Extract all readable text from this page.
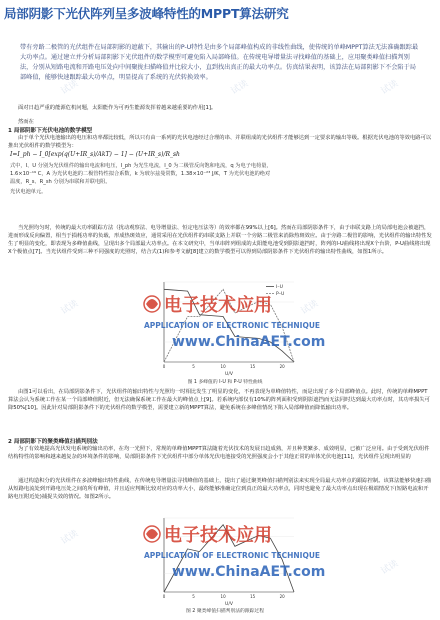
试读	试读	试读
试读	试读
试读
试读
局部阴影下光伏阵列呈多波峰特性的MPPT算法研究
带有旁路二极管的光伏组件在局部阴影的遮蔽下，其输出的P-U特性是由多个局部峰值构成的非线性曲线，使传统的单峰MPPT算法无法准确跟踪最大功率点。通过建立并分析局部阴影下光伏组件的数学模型可避免陷入局部峰值。在传统电导增量法寻找峰值的基础上，应用聚类峰值扫描判别法，分别从短路电流和开路电压处向中间聚拢扫描峰值并比较大小，直到找出真正的最大功率点。仿真结果表明，该算法在局部阴影下不会陷于局部峰值，能够快速跟踪最大功率点，明显提高了系统的光伏转换效率。
面对日趋严重的能源危机问题，太阳能作为可再生能源发挥着越来越重要的作用[1]。
然而在
1 局部阴影下光伏电池的数学模型
由于单个光伏电池输出的电压和功率都比较低，所以只有由一系列的光伏电池经过合理的串、并联组成的光伏组件才能够达到一定要求的输出等级。根据光伏电池的等效电路可以推出光伏组件的数学模型为：
I=I_ph − I_0[exp(q(U+IR_s)/AkT) − 1] − (U+IR_s)/R_sh
式中，I、U 分别为光伏组件的输出电流和电压，I_ph 为光生电流，I_0 为二极管反向饱和电流，q 为电子电荷量，1.6×10⁻¹⁹ C，A 为光伏电池的二极管特性拟合系数，k 为玻尔兹曼常数，1.38×10⁻²³ J/K，T 为光伏电池的绝对温度，R_s、R_sh 分别为串联和并联电阻。
光伏电池单元。
当光照均匀时，传统的最大功率跟踪方法（扰动观察法、电导增量法、恒定电压法等）的效率都在99%以上[6]。然而在局部阴影条件下，由于串联支路上的局部电池会被遮挡，进而形成反向偏置，相当于损耗功率的负载，形成热斑效应，通常采用在光伏组件的串联支路上并联一个旁路二极管来消除热斑效应。由于旁路二极管的影响，光伏组件的输出特性发生了明显的变化，即表现为多峰值曲线，呈现出多个局部最大功率点。在本文研究中，当单串阵列组成的太阳能电池受到阴影遮挡时，阵列的I-U曲线将出现X个台阶，P-U曲线将出现X个极值点[7]。当光伏组件受到三种不同强度的光照时，结合式(1)和参考文献[8]建立的数学模型可以得到局部阴影条件下光伏组件的输出特性曲线，如图1所示。
0	5	10	15	20
U/V
I–U
P–U
电子技术应用
APPLICATION OF ELECTRONIC TECHNIQUE
www.ChinaAET.com
图 1 多峰值的 I-U 和 P-U 特性曲线
由图1可以看出，在局部阴影条件下，光伏组件的输出特性与光照均一时相比发生了明显的变化，不再表现为单峰值特性，而是出现了多个局部峰值点。此时，传统的单峰MPPT算法会认为系统工作在某一个局部峰值附近，但无法确保系统工作在最大的峰值点上[9]。若系统内部仅有10%的阵列面积受到阴影遮挡而无法同时达到最大功率点时，其功率损失可降50%[10]。因此针对局部阴影条件下的光伏组件的数学模型，需要建立新的MPPT算法，避免系统在多峰值情况下陷入局部峰值而降低输出功率。
2 局部阴影下的聚类峰值扫描判别法
为了有效地提高光伏发电系统的输出功率，在均一光照下，常规的单峰值MPPT算法随着光伏技术的发展日趋成熟，并且种类繁多、成效明显，已被广泛应用。由于受到光伏组件结构特性的影响和越来越复杂的环境条件的影响，局部阴影条件下光伏组件中部分单体光伏电池接受的光照强度会小于其他正常的单体光伏电池[11]，光伏组件呈现出明显的
通过构造积分的光伏组件在多波峰输出特性曲线，在传统电导增量法寻找峰值的基础上，提出了通过聚类峰值扫描判别法来实现全局最大功率点的跟踪控制。该算法能够快速扫描从短路电流处到开路电压处之间的所有峰值，并且适应判断比较对应的功率大小，最终能够准确定位到真正的最大功率点，同时也避免了最大功率点出现在极端情况下(短路电流和开路电压附近处)捕捉失效的情况。如图2所示。
0	5	10	15	20
U/V
电子技术应用
APPLICATION OF ELECTRONIC TECHNIQUE
www.ChinaAET.com
图 2 聚类峰值扫描判别法的跟踪过程
